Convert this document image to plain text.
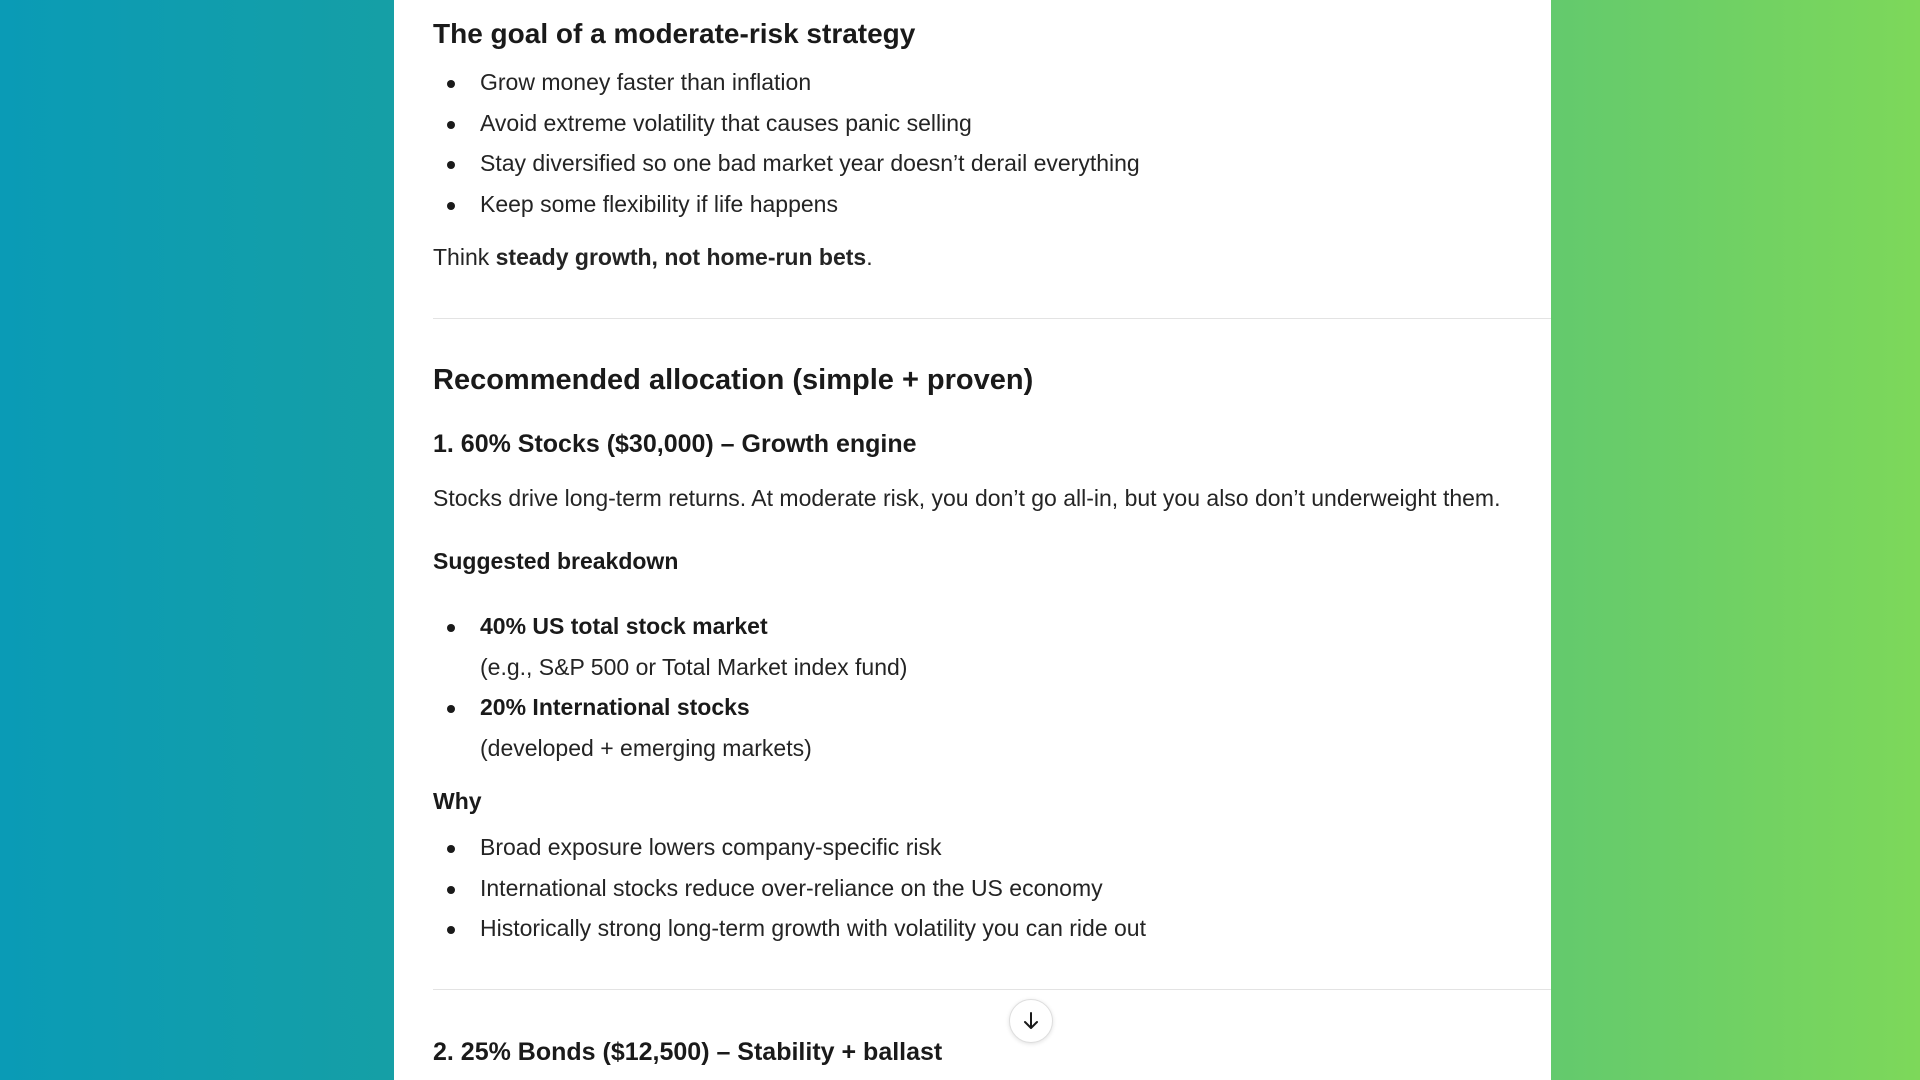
The goal of a moderate-risk strategy
Grow money faster than inflation
Avoid extreme volatility that causes panic selling
Stay diversified so one bad market year doesn’t derail everything
Keep some flexibility if life happens
Think steady growth, not home-run bets.
Recommended allocation (simple + proven)
1. 60% Stocks ($30,000) – Growth engine
Stocks drive long-term returns. At moderate risk, you don’t go all-in, but you also don’t underweight them.
Suggested breakdown
40% US total stock market
(e.g., S&P 500 or Total Market index fund)
20% International stocks
(developed + emerging markets)
Why
Broad exposure lowers company-specific risk
International stocks reduce over-reliance on the US economy
Historically strong long-term growth with volatility you can ride out
2. 25% Bonds ($12,500) – Stability + ballast
